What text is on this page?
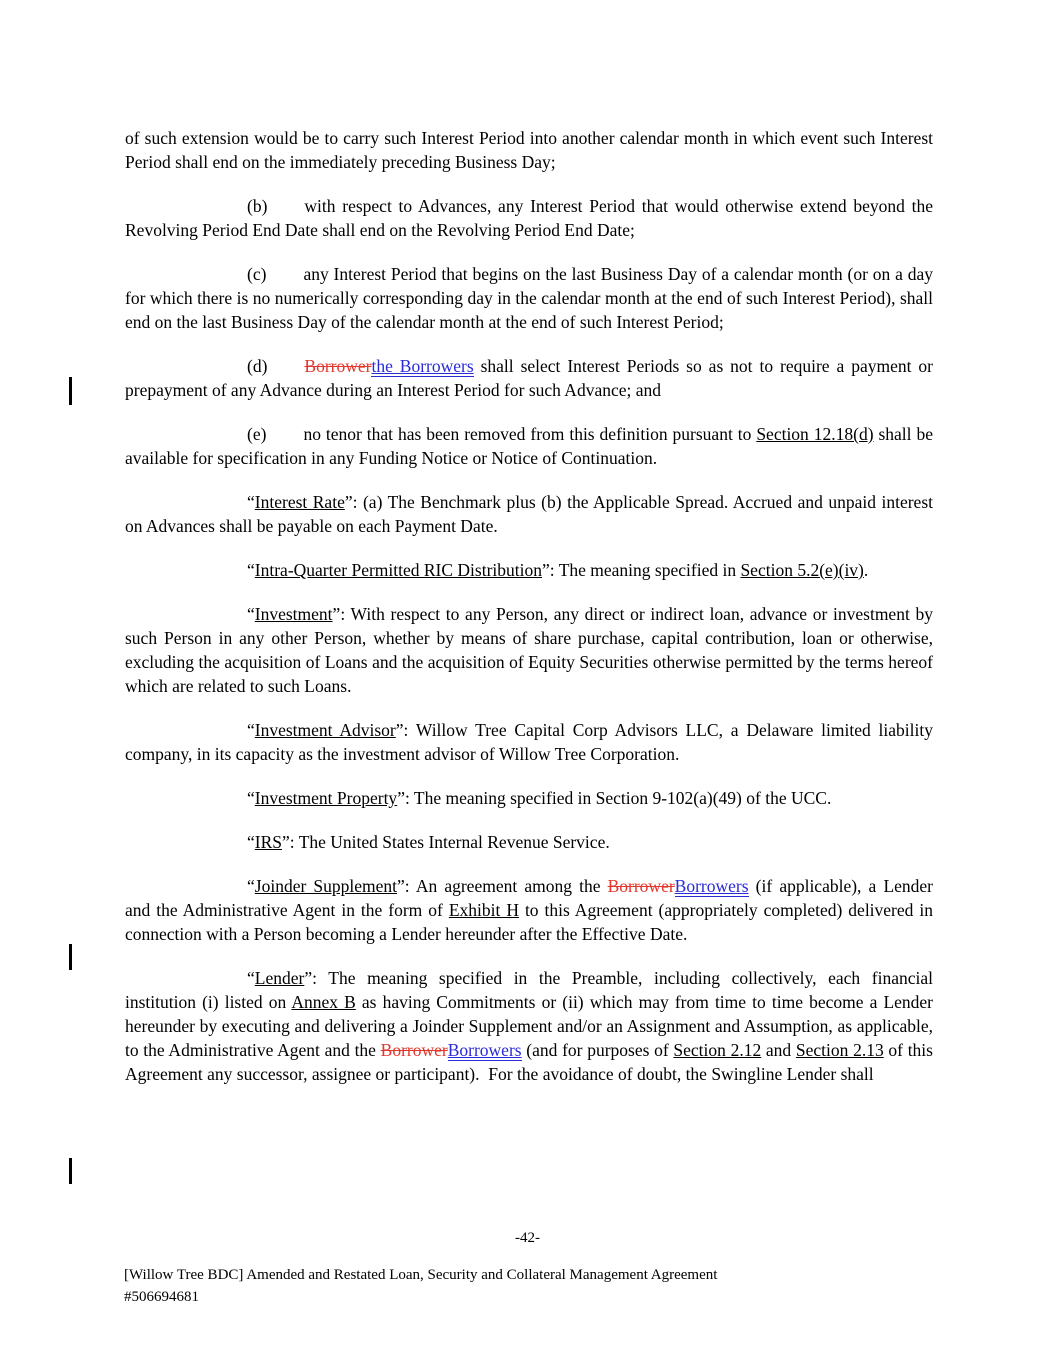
of such extension would be to carry such Interest Period into another calendar month in which event such Interest Period shall end on the immediately preceding Business Day;

(b) with respect to Advances, any Interest Period that would otherwise extend beyond the Revolving Period End Date shall end on the Revolving Period End Date;

(c) any Interest Period that begins on the last Business Day of a calendar month (or on a day for which there is no numerically corresponding day in the calendar month at the end of such Interest Period), shall end on the last Business Day of the calendar month at the end of such Interest Period;

(d) Borrowerthe Borrowers shall select Interest Periods so as not to require a payment or prepayment of any Advance during an Interest Period for such Advance; and

(e) no tenor that has been removed from this definition pursuant to Section 12.18(d) shall be available for specification in any Funding Notice or Notice of Continuation.

“Interest Rate”: (a) The Benchmark plus (b) the Applicable Spread. Accrued and unpaid interest on Advances shall be payable on each Payment Date.

“Intra-Quarter Permitted RIC Distribution”: The meaning specified in Section 5.2(e)(iv).

“Investment”: With respect to any Person, any direct or indirect loan, advance or investment by such Person in any other Person, whether by means of share purchase, capital contribution, loan or otherwise, excluding the acquisition of Loans and the acquisition of Equity Securities otherwise permitted by the terms hereof which are related to such Loans.

“Investment Advisor”: Willow Tree Capital Corp Advisors LLC, a Delaware limited liability company, in its capacity as the investment advisor of Willow Tree Corporation.

“Investment Property”: The meaning specified in Section 9-102(a)(49) of the UCC.

“IRS”: The United States Internal Revenue Service.

“Joinder Supplement”: An agreement among the BorrowerBorrowers (if applicable), a Lender and the Administrative Agent in the form of Exhibit H to this Agreement (appropriately completed) delivered in connection with a Person becoming a Lender hereunder after the Effective Date.

“Lender”: The meaning specified in the Preamble, including collectively, each financial institution (i) listed on Annex B as having Commitments or (ii) which may from time to time become a Lender hereunder by executing and delivering a Joinder Supplement and/or an Assignment and Assumption, as applicable, to the Administrative Agent and the BorrowerBorrowers (and for purposes of Section 2.12 and Section 2.13 of this Agreement any successor, assignee or participant).  For the avoidance of doubt, the Swingline Lender shall

-42-
[Willow Tree BDC] Amended and Restated Loan, Security and Collateral Management Agreement
#506694681
